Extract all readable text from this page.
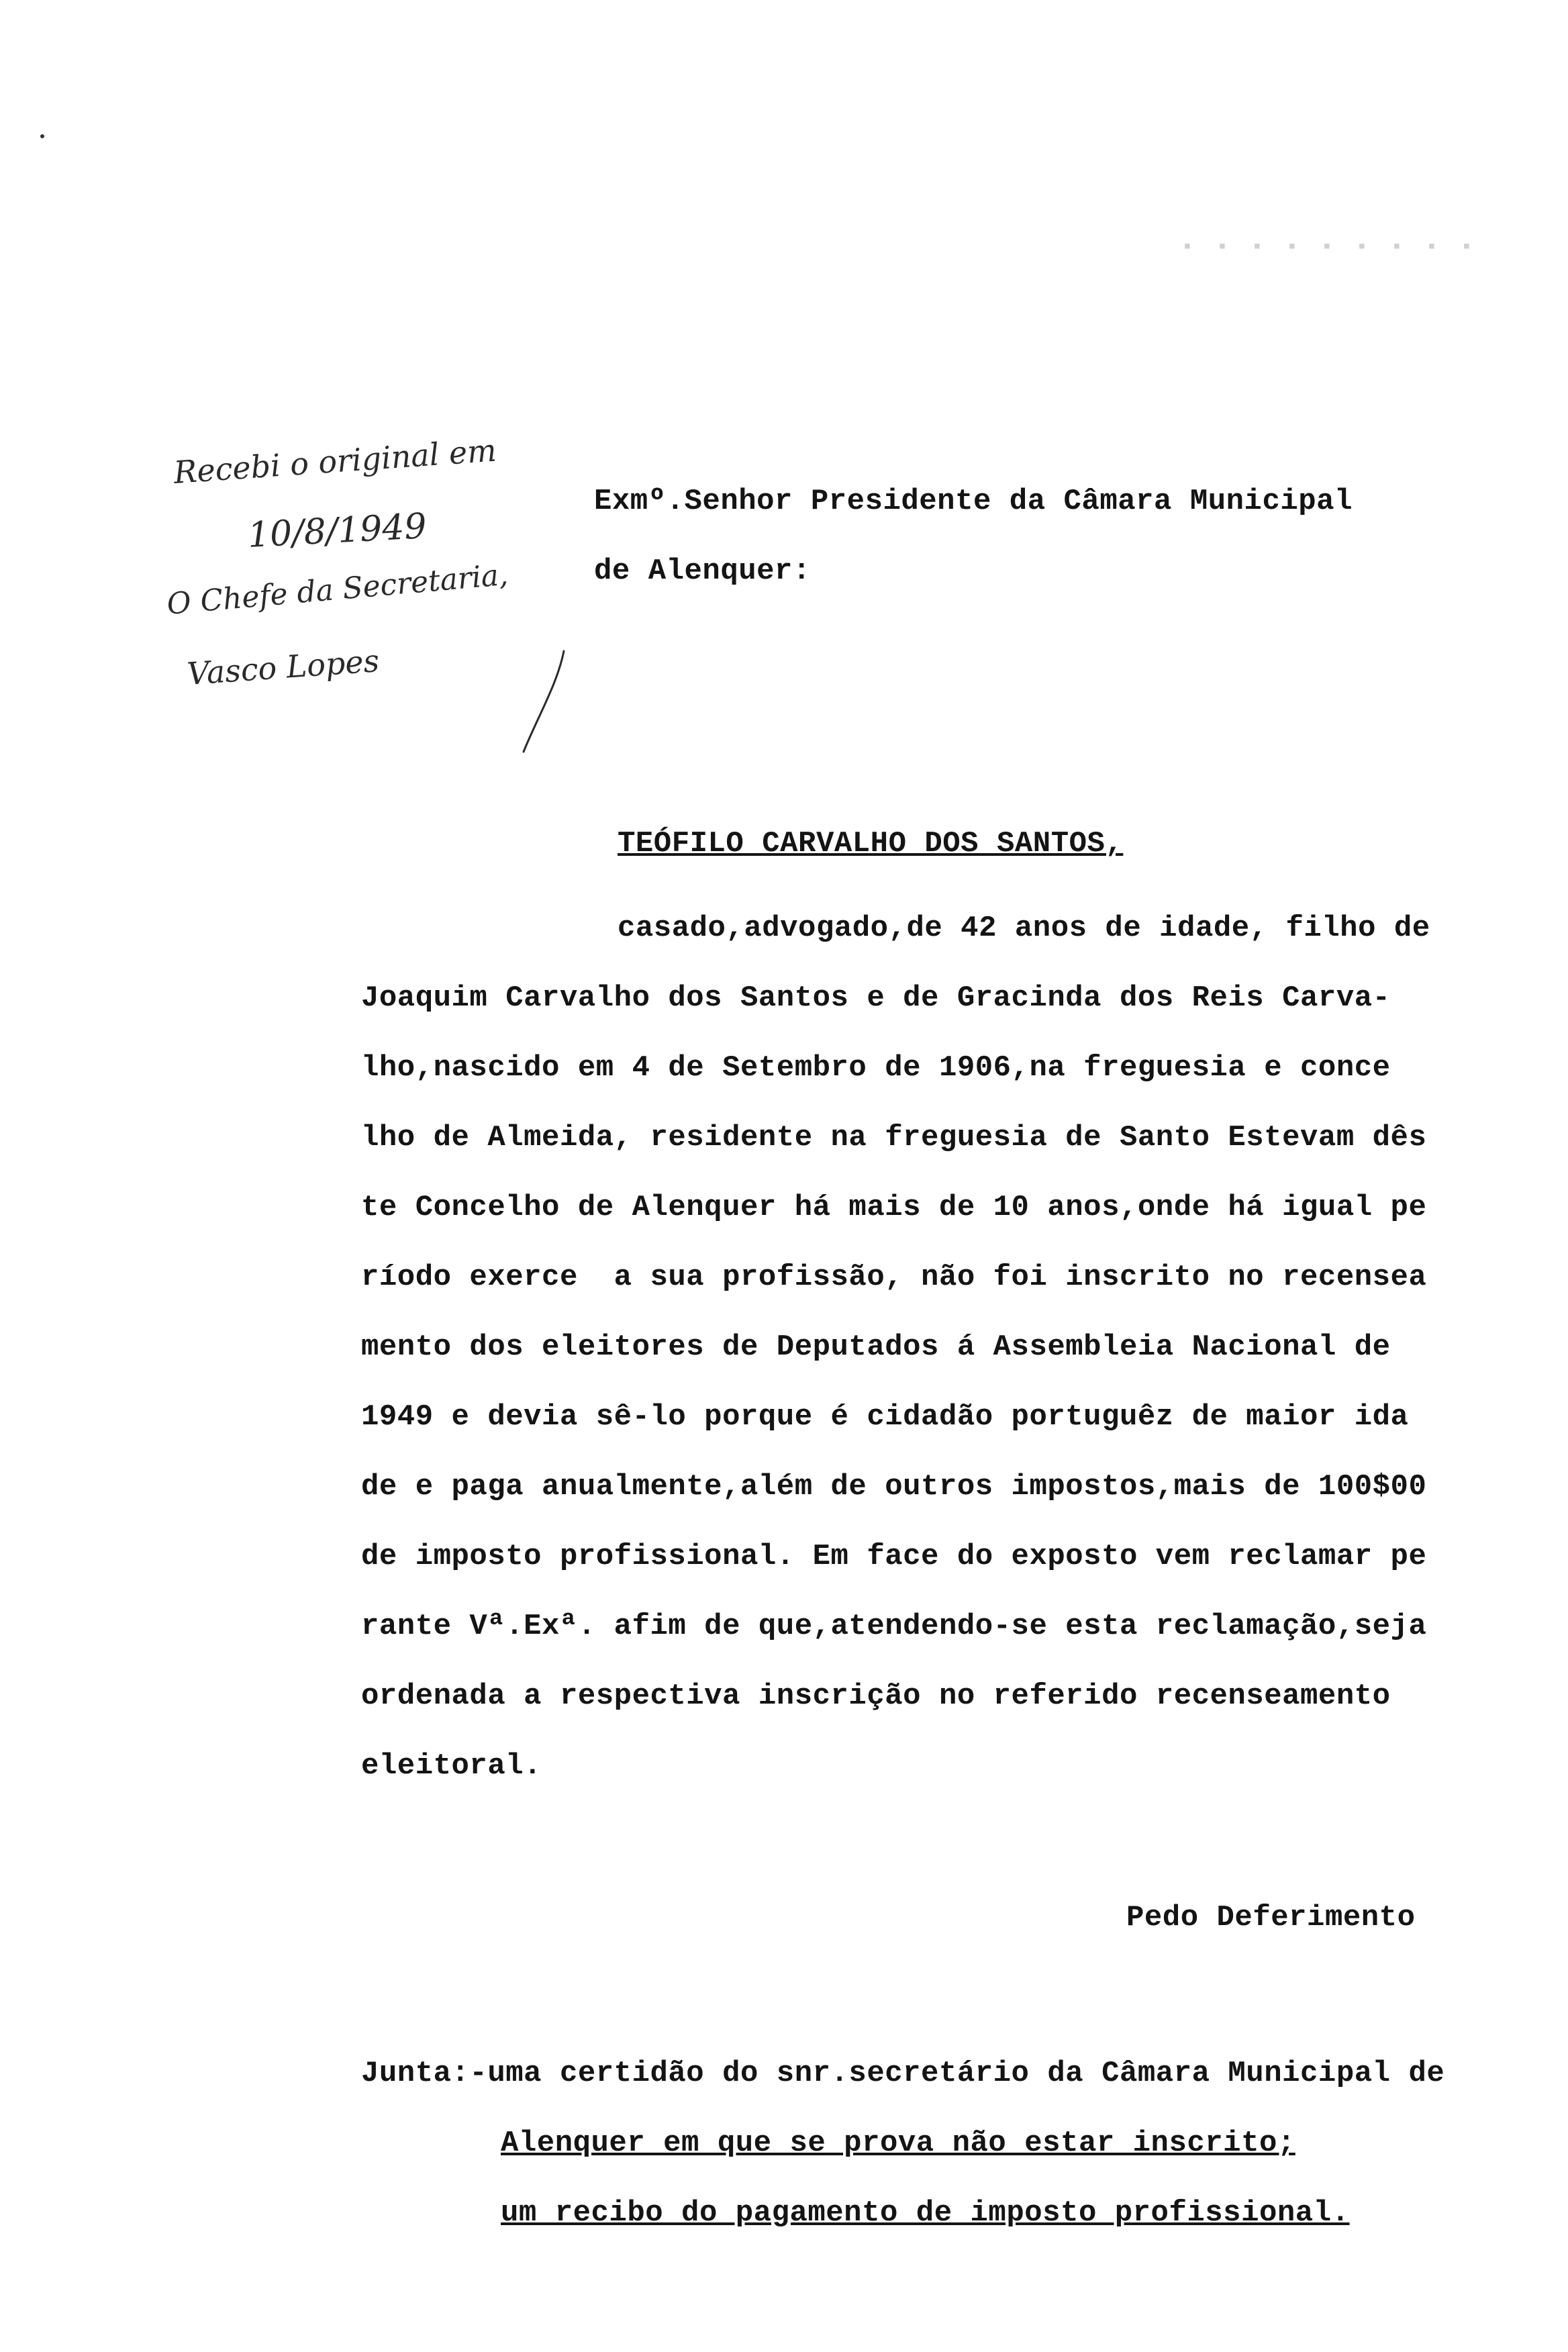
▪ ▪ ▪ ▪ ▪ ▪ ▪ ▪ ▪
Recebi o original em
10/8/1949
O Chefe da Secretaria,
Vasco Lopes
Exmº.Senhor Presidente da Câmara Municipal
de Alenquer:
TEÓFILO CARVALHO DOS SANTOS,
casado,advogado,de 42 anos de idade, filho de
Joaquim Carvalho dos Santos e de Gracinda dos Reis Carva-
lho,nascido em 4 de Setembro de 1906,na freguesia e conce
lho de Almeida, residente na freguesia de Santo Estevam dês
te Concelho de Alenquer há mais de 10 anos,onde há igual pe
ríodo exerce  a sua profissão, não foi inscrito no recensea
mento dos eleitores de Deputados á Assembleia Nacional de
1949 e devia sê-lo porque é cidadão portuguêz de maior ida
de e paga anualmente,além de outros impostos,mais de 100$00
de imposto profissional. Em face do exposto vem reclamar pe
rante Vª.Exª. afim de que,atendendo-se esta reclamação,seja
ordenada a respectiva inscrição no referido recenseamento
eleitoral.
Pedo Deferimento
Junta:-uma certidão do snr.secretário da Câmara Municipal de
Alenquer em que se prova não estar inscrito;
um recibo do pagamento de imposto profissional.
